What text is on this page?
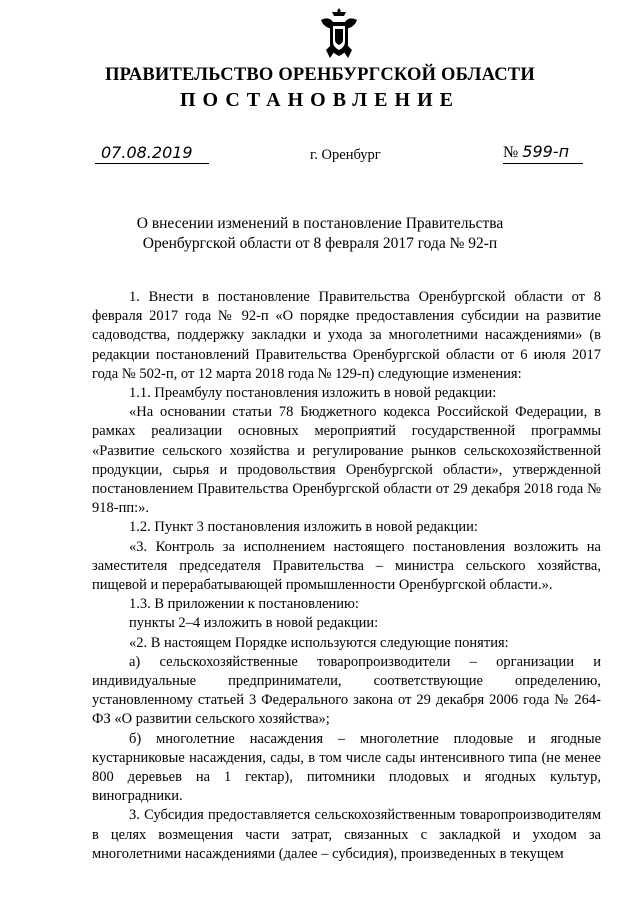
ПРАВИТЕЛЬСТВО ОРЕНБУРГСКОЙ ОБЛАСТИ
ПОСТАНОВЛЕНИЕ
07.08.2019	г. Оренбург	№ 599-п
О внесении изменений в постановление Правительства
Оренбургской области от 8 февраля 2017 года № 92-п

1. Внести в постановление Правительства Оренбургской области от 8 февраля 2017 года № 92-п «О порядке предоставления субсидии на развитие садоводства, поддержку закладки и ухода за многолетними насаждениями» (в редакции постановлений Правительства Оренбургской области от 6 июля 2017 года № 502-п, от 12 марта 2018 года № 129-п) следующие изменения:

1.1. Преамбулу постановления изложить в новой редакции:

«На основании статьи 78 Бюджетного кодекса Российской Федерации, в рамках реализации основных мероприятий государственной программы «Развитие сельского хозяйства и регулирование рынков сельскохозяйственной продукции, сырья и продовольствия Оренбургской области», утвержденной постановлением Правительства Оренбургской области от 29 декабря 2018 года № 918-пп:».

1.2. Пункт 3 постановления изложить в новой редакции:

«3. Контроль за исполнением настоящего постановления возложить на заместителя председателя Правительства – министра сельского хозяйства, пищевой и перерабатывающей промышленности Оренбургской области.».

1.3. В приложении к постановлению:

пункты 2–4 изложить в новой редакции:

«2. В настоящем Порядке используются следующие понятия:

а) сельскохозяйственные товаропроизводители – организации и индивидуальные предприниматели, соответствующие определению, установленному статьей 3 Федерального закона от 29 декабря 2006 года № 264-ФЗ «О развитии сельского хозяйства»;

б) многолетние насаждения – многолетние плодовые и ягодные кустарниковые насаждения, сады, в том числе сады интенсивного типа (не менее 800 деревьев на 1 гектар), питомники плодовых и ягодных культур, виноградники.

3. Субсидия предоставляется сельскохозяйственным товаропроизводителям в целях возмещения части затрат, связанных с закладкой и уходом за многолетними насаждениями (далее – субсидия), произведенных в текущем
